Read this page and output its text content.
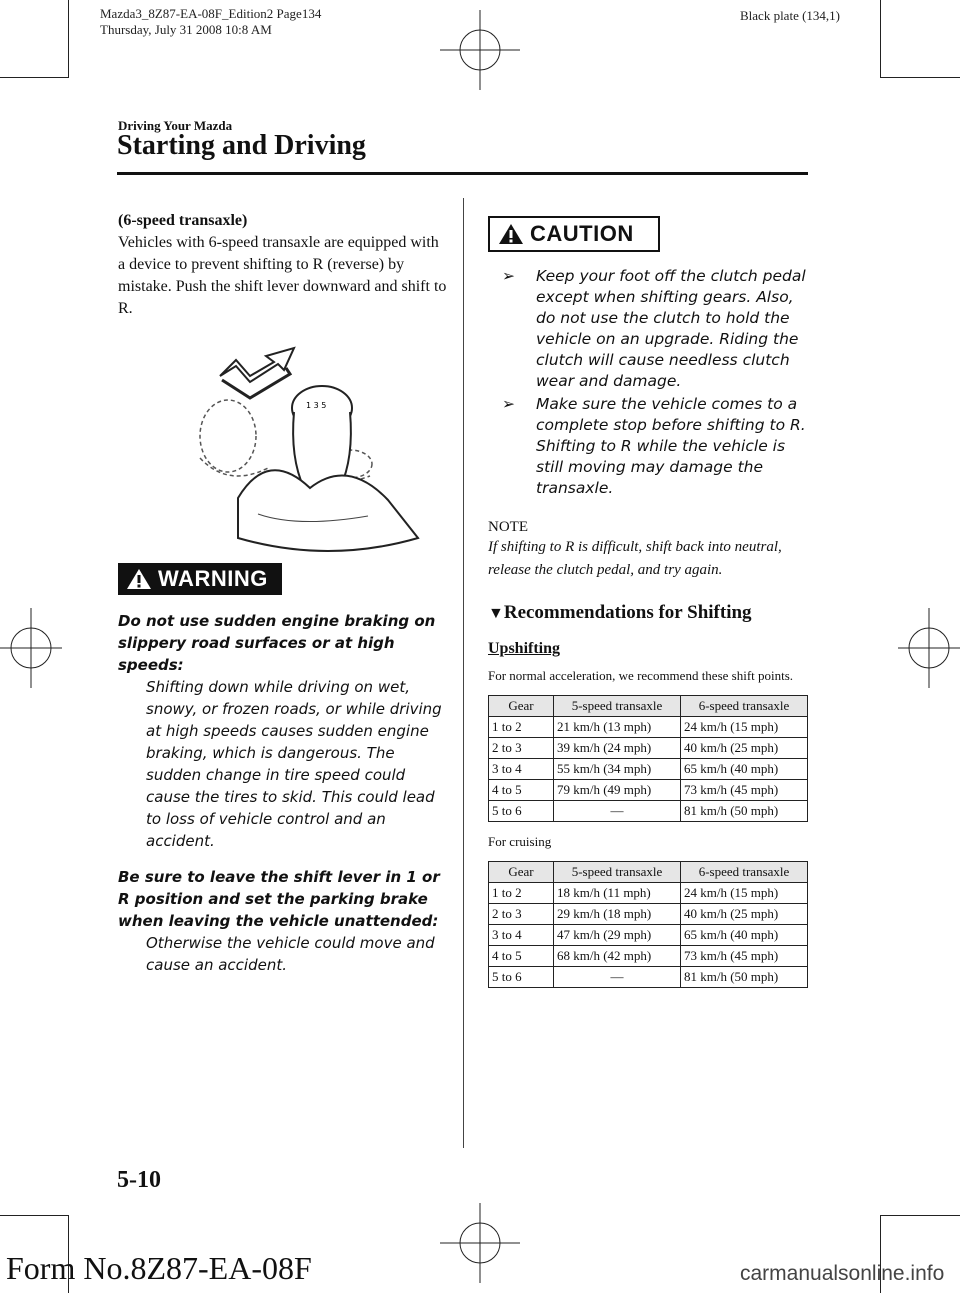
Mazda3_8Z87-EA-08F_Edition2 Page134
Thursday, July 31 2008 10:8 AM
Black plate (134,1)
Driving Your Mazda
Starting and Driving
(6-speed transaxle)
Vehicles with 6-speed transaxle are equipped with a device to prevent shifting to R (reverse) by mistake. Push the shift lever downward and shift to R.
1 3 5
WARNING
Do not use sudden engine braking on slippery road surfaces or at high speeds:
Shifting down while driving on wet, snowy, or frozen roads, or while driving at high speeds causes sudden engine braking, which is dangerous. The sudden change in tire speed could cause the tires to skid. This could lead to loss of vehicle control and an accident.
Be sure to leave the shift lever in 1 or R position and set the parking brake when leaving the vehicle unattended:
Otherwise the vehicle could move and cause an accident.
CAUTION
➢ Keep your foot off the clutch pedal except when shifting gears. Also, do not use the clutch to hold the vehicle on an upgrade. Riding the clutch will cause needless clutch wear and damage.
➢ Make sure the vehicle comes to a complete stop before shifting to R. Shifting to R while the vehicle is still moving may damage the transaxle.
NOTE
If shifting to R is difficult, shift back into neutral, release the clutch pedal, and try again.
▼Recommendations for Shifting
Upshifting
For normal acceleration, we recommend these shift points.
Gear	5-speed transaxle	6-speed transaxle
1 to 2	21 km/h (13 mph)	24 km/h (15 mph)
2 to 3	39 km/h (24 mph)	40 km/h (25 mph)
3 to 4	55 km/h (34 mph)	65 km/h (40 mph)
4 to 5	79 km/h (49 mph)	73 km/h (45 mph)
5 to 6	—	81 km/h (50 mph)
For cruising
Gear	5-speed transaxle	6-speed transaxle
1 to 2	18 km/h (11 mph)	24 km/h (15 mph)
2 to 3	29 km/h (18 mph)	40 km/h (25 mph)
3 to 4	47 km/h (29 mph)	65 km/h (40 mph)
4 to 5	68 km/h (42 mph)	73 km/h (45 mph)
5 to 6	—	81 km/h (50 mph)
5-10
Form No.8Z87-EA-08F	carmanualsonline.info
